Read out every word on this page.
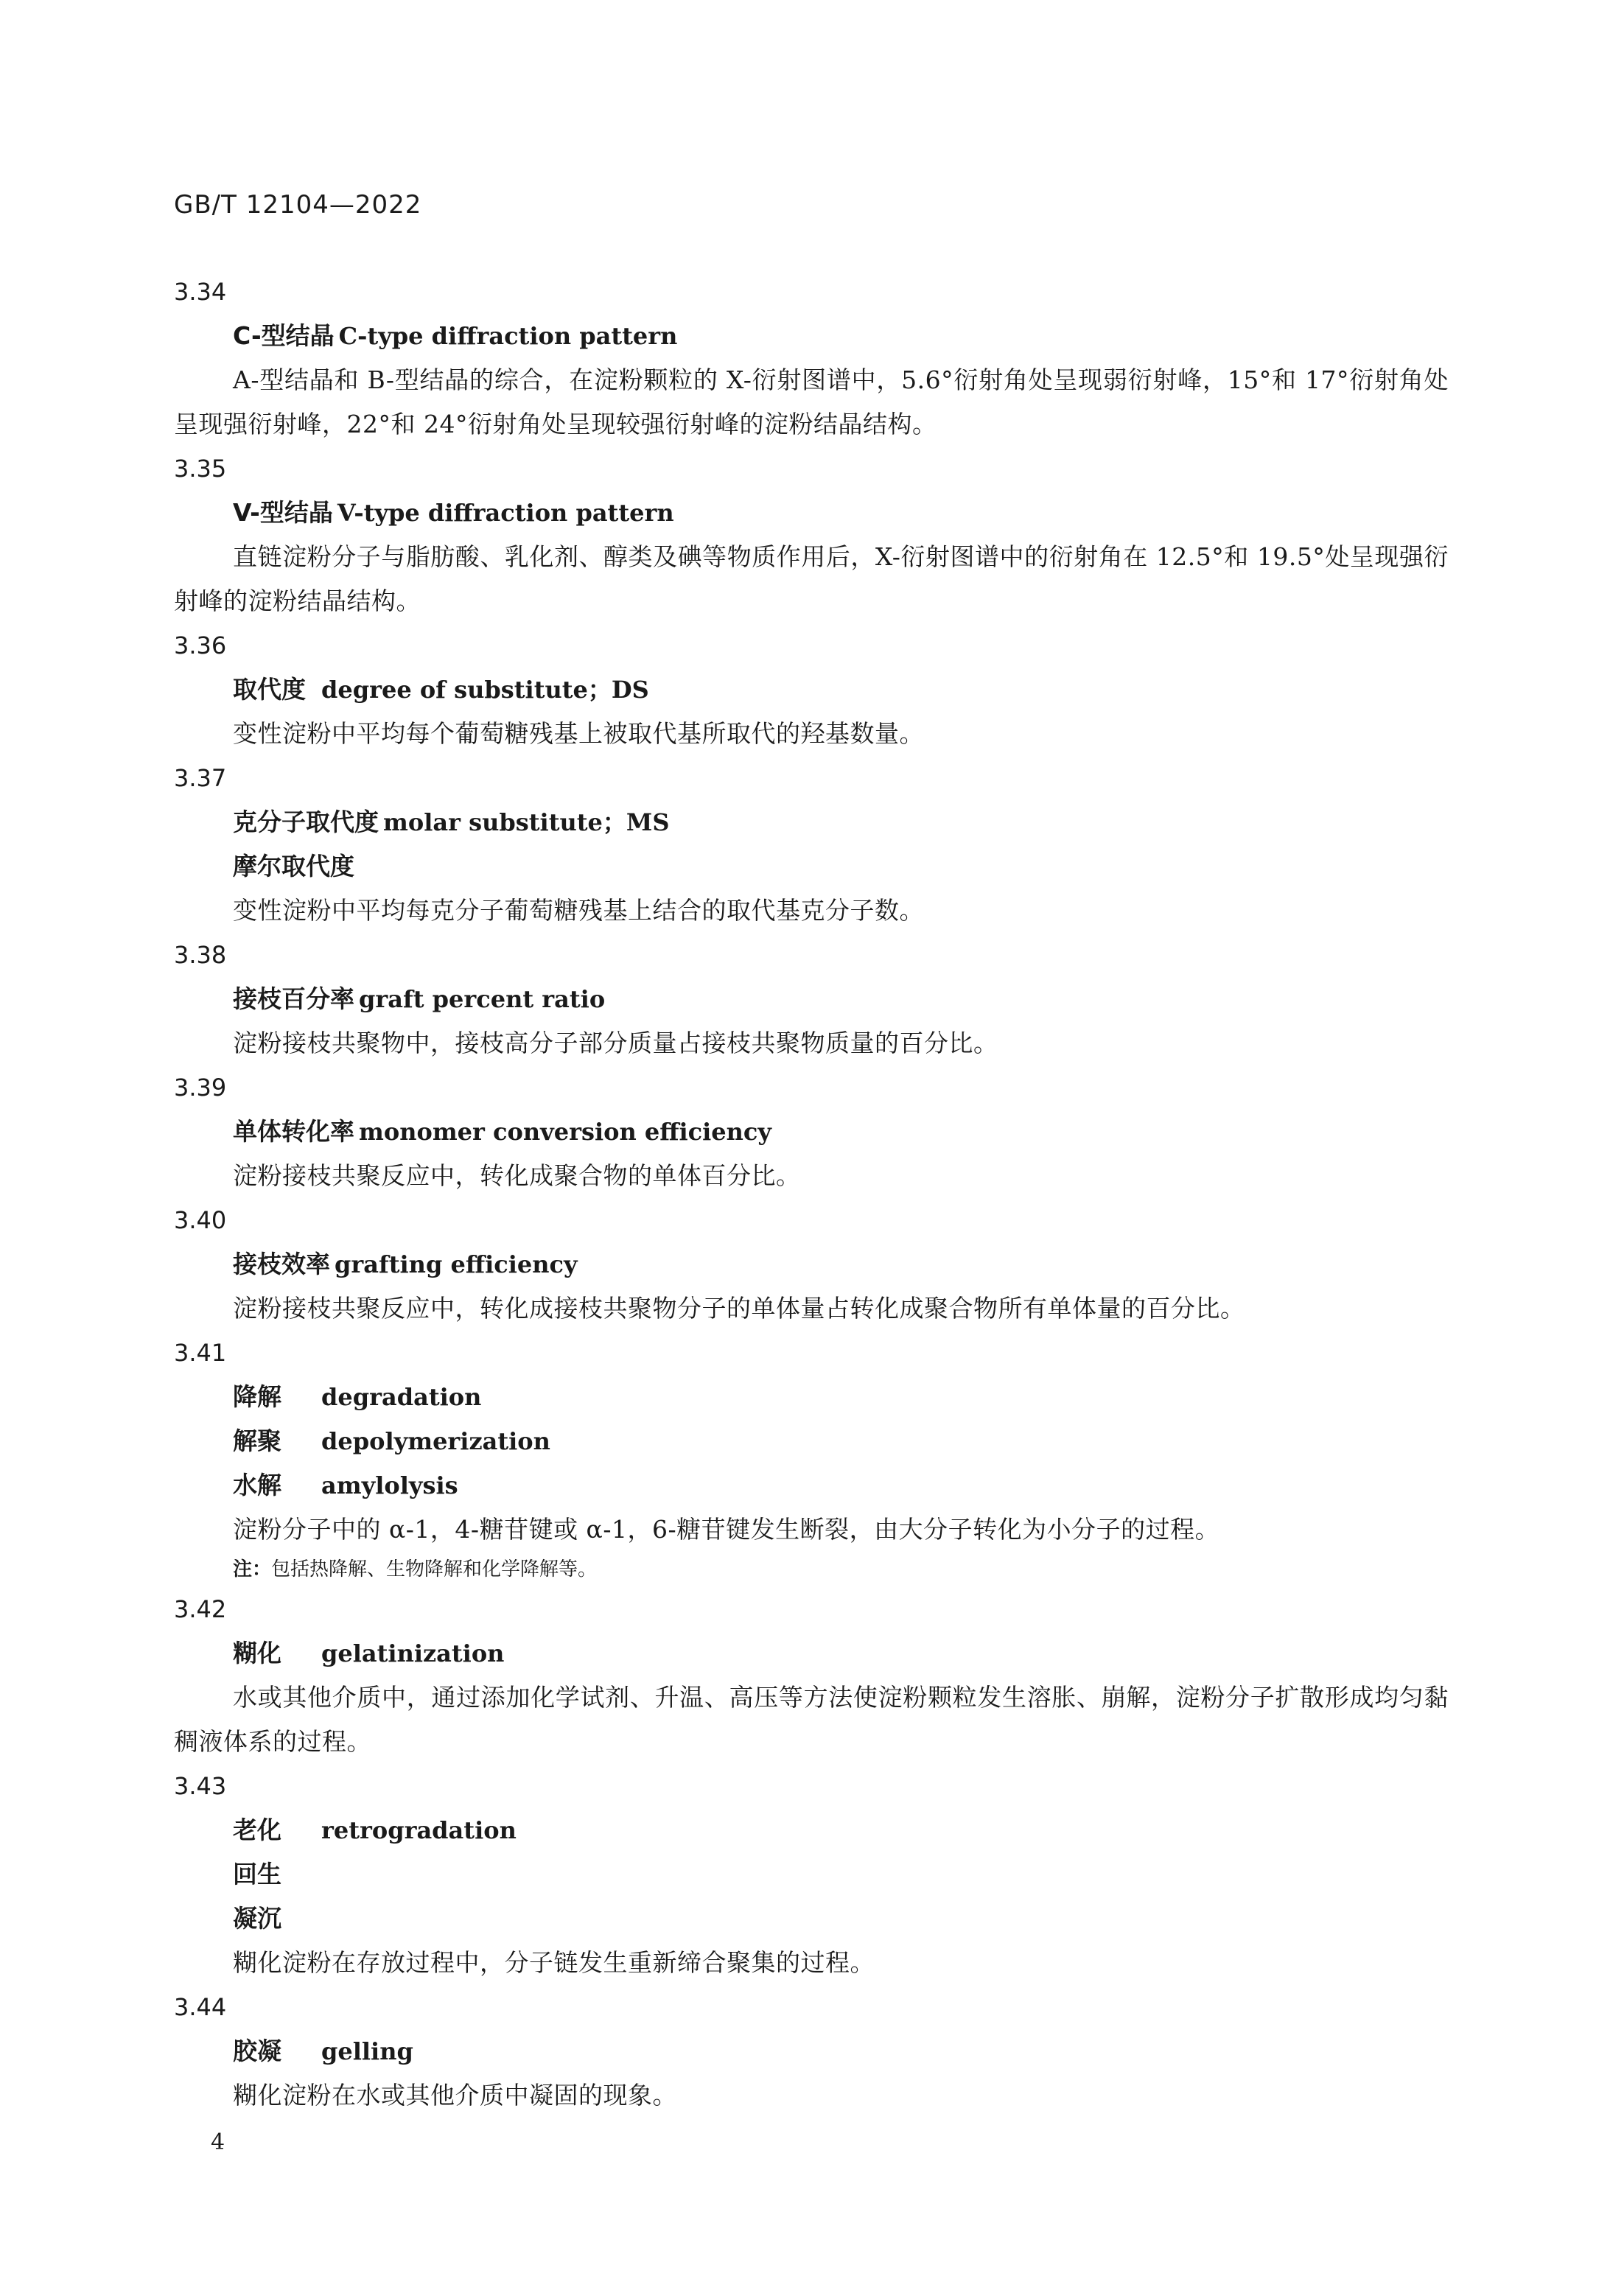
GB/T 12104—2022
3.34
C-型结晶 C-type diffraction pattern
A-型结晶和 B-型结晶的综合，在淀粉颗粒的 X-衍射图谱中，5.6°衍射角处呈现弱衍射峰，15°和 17°衍射角处呈现强衍射峰，22°和 24°衍射角处呈现较强衍射峰的淀粉结晶结构。
3.35
V-型结晶 V-type diffraction pattern
直链淀粉分子与脂肪酸、乳化剂、醇类及碘等物质作用后，X-衍射图谱中的衍射角在 12.5°和 19.5°处呈现强衍射峰的淀粉结晶结构。
3.36
取代度 degree of substitute；DS
变性淀粉中平均每个葡萄糖残基上被取代基所取代的羟基数量。
3.37
克分子取代度 molar substitute；MS
摩尔取代度
变性淀粉中平均每克分子葡萄糖残基上结合的取代基克分子数。
3.38
接枝百分率 graft percent ratio
淀粉接枝共聚物中，接枝高分子部分质量占接枝共聚物质量的百分比。
3.39
单体转化率 monomer conversion efficiency
淀粉接枝共聚反应中，转化成聚合物的单体百分比。
3.40
接枝效率 grafting efficiency
淀粉接枝共聚反应中，转化成接枝共聚物分子的单体量占转化成聚合物所有单体量的百分比。
3.41
降解 degradation
解聚 depolymerization
水解 amylolysis
淀粉分子中的 α-1，4-糖苷键或 α-1，6-糖苷键发生断裂，由大分子转化为小分子的过程。
注：包括热降解、生物降解和化学降解等。
3.42
糊化 gelatinization
水或其他介质中，通过添加化学试剂、升温、高压等方法使淀粉颗粒发生溶胀、崩解，淀粉分子扩散形成均匀黏稠液体系的过程。
3.43
老化 retrogradation
回生
凝沉
糊化淀粉在存放过程中，分子链发生重新缔合聚集的过程。
3.44
胶凝 gelling
糊化淀粉在水或其他介质中凝固的现象。
4
